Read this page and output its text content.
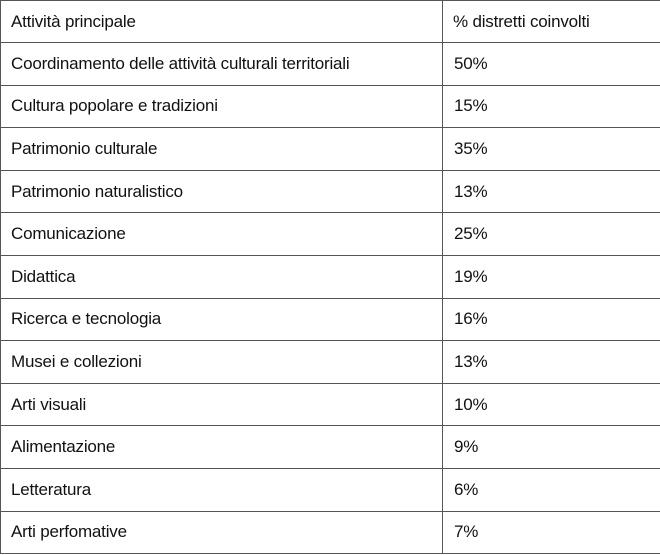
Attività principale	% distretti coinvolti
Coordinamento delle attività culturali territoriali	50%
Cultura popolare e tradizioni	15%
Patrimonio culturale	35%
Patrimonio naturalistico	13%
Comunicazione	25%
Didattica	19%
Ricerca e tecnologia	16%
Musei e collezioni	13%
Arti visuali	10%
Alimentazione	9%
Letteratura	6%
Arti perfomative	7%
